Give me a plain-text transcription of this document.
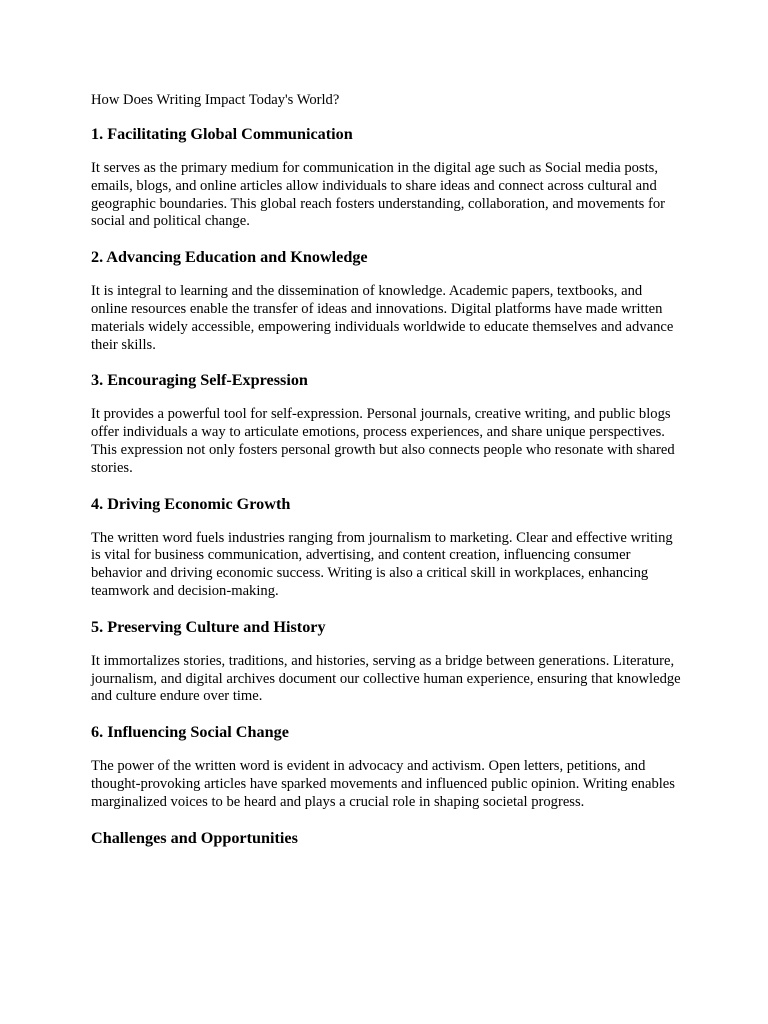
How Does Writing Impact Today's World?

1. Facilitating Global Communication

It serves as the primary medium for communication in the digital age such as Social media posts, emails, blogs, and online articles allow individuals to share ideas and connect across cultural and geographic boundaries. This global reach fosters understanding, collaboration, and movements for social and political change.

2. Advancing Education and Knowledge

It is integral to learning and the dissemination of knowledge. Academic papers, textbooks, and online resources enable the transfer of ideas and innovations. Digital platforms have made written materials widely accessible, empowering individuals worldwide to educate themselves and advance their skills.

3. Encouraging Self-Expression

It provides a powerful tool for self-expression. Personal journals, creative writing, and public blogs offer individuals a way to articulate emotions, process experiences, and share unique perspectives. This expression not only fosters personal growth but also connects people who resonate with shared stories.

4. Driving Economic Growth

The written word fuels industries ranging from journalism to marketing. Clear and effective writing is vital for business communication, advertising, and content creation, influencing consumer behavior and driving economic success. Writing is also a critical skill in workplaces, enhancing teamwork and decision-making.

5. Preserving Culture and History

It immortalizes stories, traditions, and histories, serving as a bridge between generations. Literature, journalism, and digital archives document our collective human experience, ensuring that knowledge and culture endure over time.

6. Influencing Social Change

The power of the written word is evident in advocacy and activism. Open letters, petitions, and thought-provoking articles have sparked movements and influenced public opinion. Writing enables marginalized voices to be heard and plays a crucial role in shaping societal progress.

Challenges and Opportunities
